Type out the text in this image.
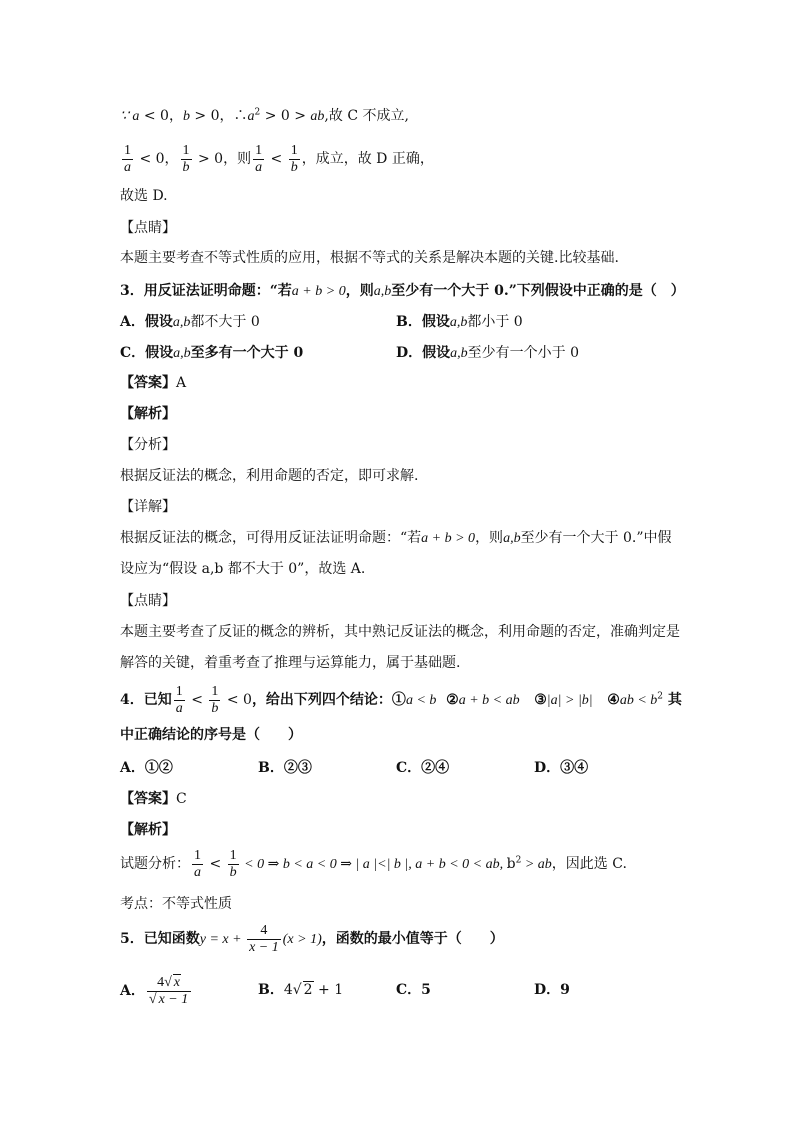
∵ a < 0，b > 0，$\therefore a^2 > 0$ > ab,故 C 不成立,
$\frac{1}{a} < 0$， $\frac{1}{b} > 0$，则 $\frac{1}{a} < \frac{1}{b}$ ，成立，故 D 正确，
故选 D.
【点睛】
本题主要考查不等式性质的应用，根据不等式的关系是解决本题的关键.比较基础.
3．用反证法证明命题：“若a + b > 0，则a,b至少有一个大于 0.”下列假设中正确的是（　）
A．假设a,b都不大于 0	B．假设a,b都小于 0
C．假设a,b至多有一个大于 0	D．假设a,b至少有一个小于 0
【答案】A
【解析】
【分析】
根据反证法的概念，利用命题的否定，即可求解.
【详解】
根据反证法的概念，可得用反证法证明命题：“若a + b > 0，则a,b至少有一个大于 0.”中假
设应为“假设 a,b 都不大于 0”，故选 A.
【点睛】
本题主要考查了反证的概念的辨析，其中熟记反证法的概念，利用命题的否定，准确判定是
解答的关键，着重考查了推理与运算能力，属于基础题.
4．已知 $\frac{1}{a} < \frac{1}{b} < 0$，给出下列四个结论：①a < b ②a + b < ab ③|a| > |b| ④ab < $b^2$ 其
中正确结论的序号是（　　）
A．①②	B．②③	C．②④	D．③④
【答案】C
【解析】
试题分析： $\frac{1}{a} < \frac{1}{b} < 0$ ⇒ b < a < 0 ⇒ | a |<| b |, a + b < 0 < ab, $b^2$ > ab，因此选 C.
考点：不等式性质
5．已知函数$y = x + \frac{4}{x - 1} (x > 1)$，函数的最小值等于（　　）
A． $\frac{4√ x}{√ x - 1}$	B．4√ 2 + 1	C．5	D．9
